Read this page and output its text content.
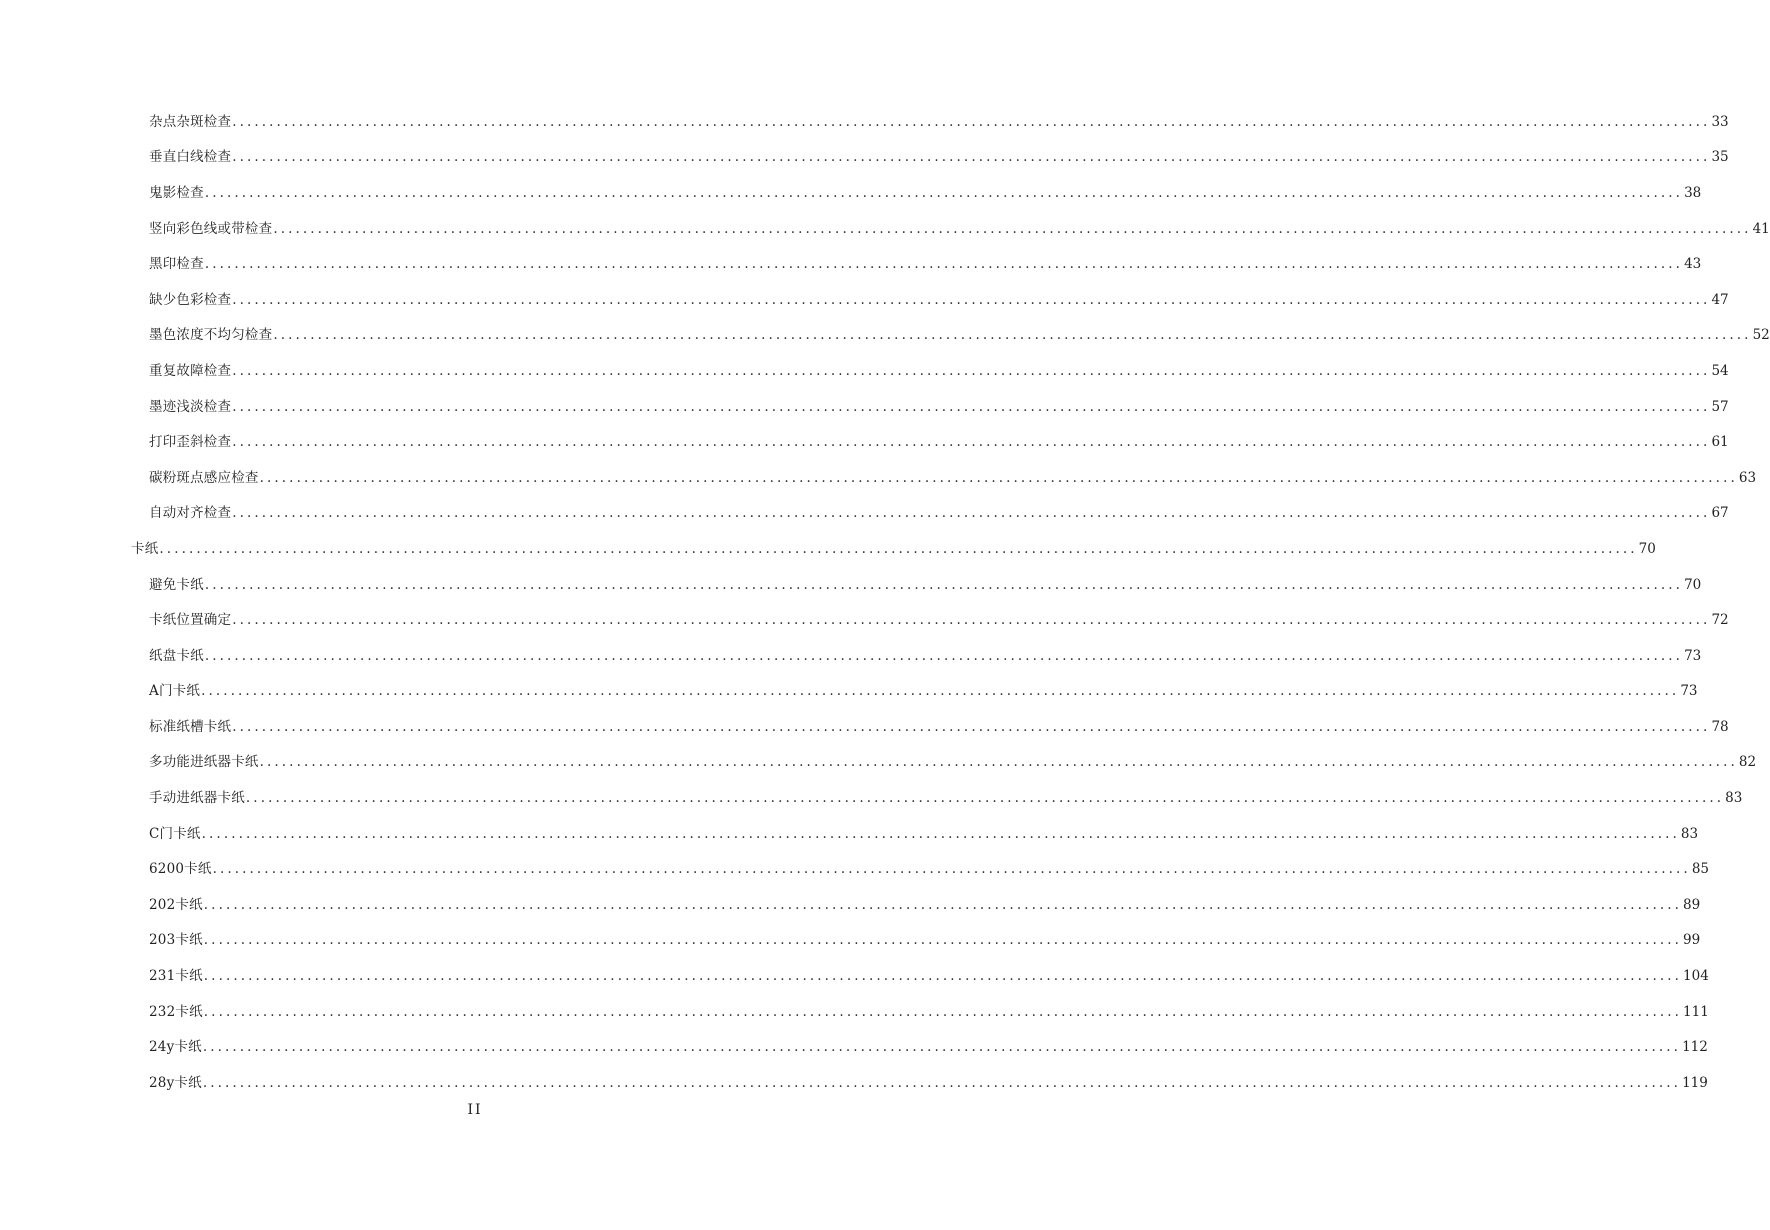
杂点杂斑检查 ........................................................................................................................................................................................................ 33
垂直白线检查 ........................................................................................................................................................................................................ 35
鬼影检查 ........................................................................................................................................................................................................ 38
竖向彩色线或带检查 ........................................................................................................................................................................................................ 41
黑印检查 ........................................................................................................................................................................................................ 43
缺少色彩检查 ........................................................................................................................................................................................................ 47
墨色浓度不均匀检查 ........................................................................................................................................................................................................ 52
重复故障检查 ........................................................................................................................................................................................................ 54
墨迹浅淡检查 ........................................................................................................................................................................................................ 57
打印歪斜检查 ........................................................................................................................................................................................................ 61
碳粉斑点感应检查 ........................................................................................................................................................................................................ 63
自动对齐检查 ........................................................................................................................................................................................................ 67
卡纸 ........................................................................................................................................................................................................ 70
避免卡纸 ........................................................................................................................................................................................................ 70
卡纸位置确定 ........................................................................................................................................................................................................ 72
纸盘卡纸 ........................................................................................................................................................................................................ 73
A门卡纸 ........................................................................................................................................................................................................ 73
标准纸槽卡纸 ........................................................................................................................................................................................................ 78
多功能进纸器卡纸 ........................................................................................................................................................................................................ 82
手动进纸器卡纸 ........................................................................................................................................................................................................ 83
C门卡纸 ........................................................................................................................................................................................................ 83
6200卡纸 ........................................................................................................................................................................................................ 85
202卡纸 ........................................................................................................................................................................................................ 89
203卡纸 ........................................................................................................................................................................................................ 99
231卡纸 ........................................................................................................................................................................................................ 104
232卡纸 ........................................................................................................................................................................................................ 111
24y卡纸 ........................................................................................................................................................................................................ 112
28y卡纸 ........................................................................................................................................................................................................ 119
II
